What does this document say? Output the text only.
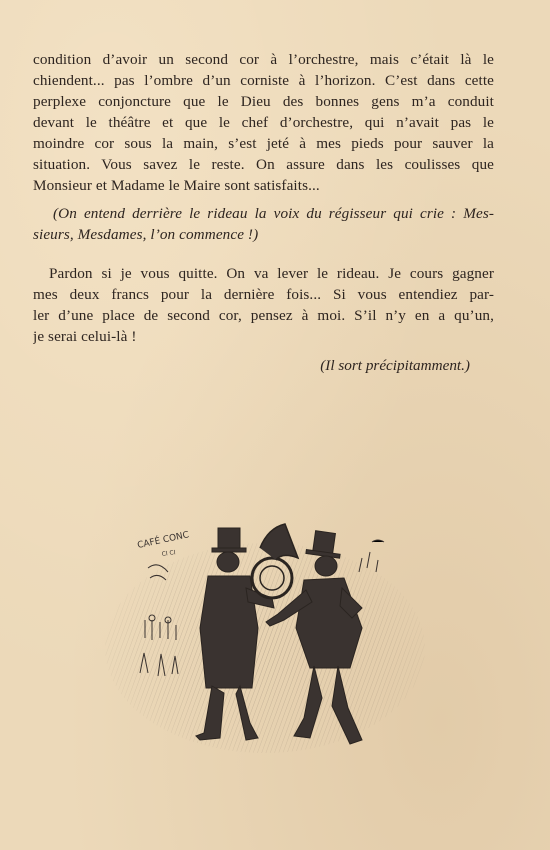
condition d’avoir un second cor à l’orchestre, mais c’était là le
chiendent... pas l’ombre d’un corniste à l’horizon. C’est dans cette
perplexe conjoncture que le Dieu des bonnes gens m’a conduit
devant le théâtre et que le chef d’orchestre, qui n’avait pas le
moindre cor sous la main, s’est jeté à mes pieds pour sauver la
situation. Vous savez le reste. On assure dans les coulisses que
Monsieur et Madame le Maire sont satisfaits...
(On entend derrière le rideau la voix du régisseur qui crie : Mes-
sieurs, Mesdames, l’on commence !)
Pardon si je vous quitte. On va lever le rideau. Je cours gagner
mes deux francs pour la dernière fois... Si vous entendiez par-
ler d’une place de second cor, pensez à moi. S’il n’y en a qu’un,
je serai celui-là !
(Il sort précipitamment.)
CAFÉ CONC
CI CI
